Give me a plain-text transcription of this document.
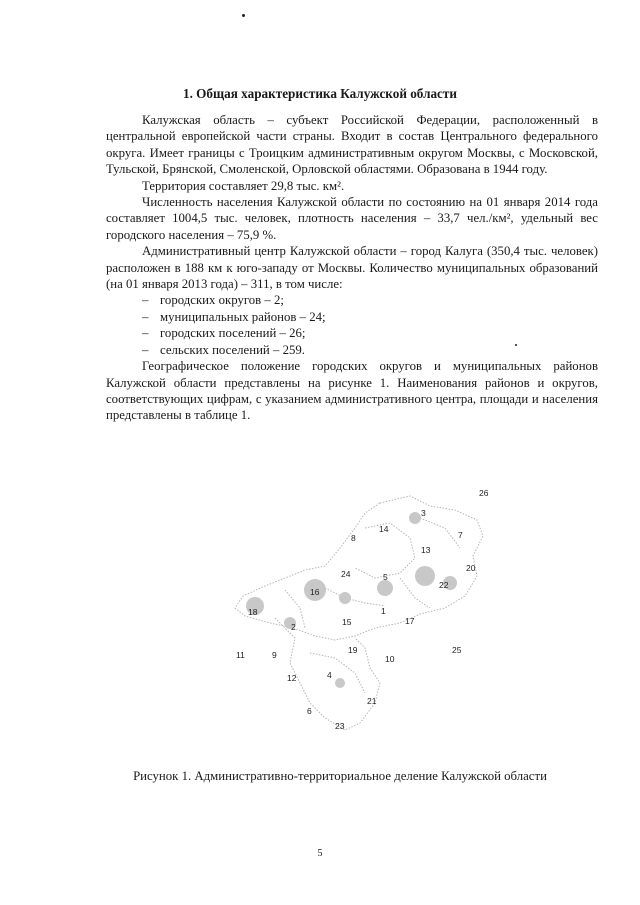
1. Общая характеристика Калужской области

Калужская область – субъект Российской Федерации, расположенный в центральной европейской части страны. Входит в состав Центрального федерального округа. Имеет границы с Троицким административным округом Москвы, с Московской, Тульской, Брянской, Смоленской, Орловской областями. Образована в 1944 году.

Территория составляет 29,8 тыс. км².

Численность населения Калужской области по состоянию на 01 января 2014 года составляет 1004,5 тыс. человек, плотность населения – 33,7 чел./км², удельный вес городского населения – 75,9 %.

Административный центр Калужской области – город Калуга (350,4 тыс. человек) расположен в 188 км к юго-западу от Москвы. Количество муниципальных образований (на 01 января 2013 года) – 311, в том числе:

– городских округов – 2;
– муниципальных районов – 24;
– городских поселений – 26;
– сельских поселений – 259.

Географическое положение городских округов и муниципальных районов Калужской области представлены на рисунке 1. Наименования районов и округов, соответствующих цифрам, с указанием административного центра, площади и населения представлены в таблице 1.

26
3
14
8	7
13
20
24	5
22
16
18
2	15
1
17
11	9	19
10
25
12	4
21
6
23
Рисунок 1. Административно-территориальное деление Калужской области
5
